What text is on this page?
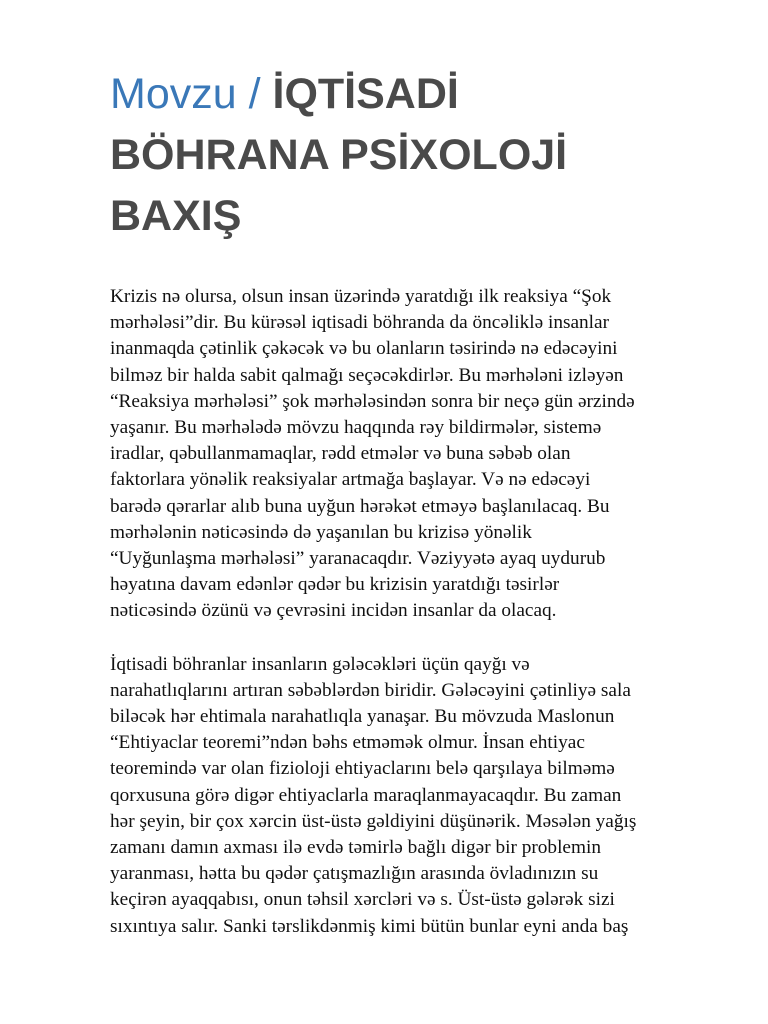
Movzu / İQTİSADİ
BÖHRANA PSİXOLOJİ
BAXIŞ

Krizis nə olursa, olsun insan üzərində yaratdığı ilk reaksiya “Şok
mərhələsi”dir. Bu kürəsəl iqtisadi böhranda da öncəliklə insanlar
inanmaqda çətinlik çəkəcək və bu olanların təsirində nə edəcəyini
bilməz bir halda sabit qalmağı seçəcəkdirlər. Bu mərhələni izləyən
“Reaksiya mərhələsi” şok mərhələsindən sonra bir neçə gün ərzində
yaşanır. Bu mərhələdə mövzu haqqında rəy bildirmələr, sistemə
iradlar, qəbullanmamaqlar, rədd etmələr və buna səbəb olan
faktorlara yönəlik reaksiyalar artmağa başlayar. Və nə edəcəyi
barədə qərarlar alıb buna uyğun hərəkət etməyə başlanılacaq. Bu
mərhələnin nəticəsində də yaşanılan bu krizisə yönəlik
“Uyğunlaşma mərhələsi” yaranacaqdır. Vəziyyətə ayaq uydurub
həyatına davam edənlər qədər bu krizisin yaratdığı təsirlər
nəticəsində özünü və çevrəsini incidən insanlar da olacaq.

İqtisadi böhranlar insanların gələcəkləri üçün qayğı və
narahatlıqlarını artıran səbəblərdən biridir. Gələcəyini çətinliyə sala
biləcək hər ehtimala narahatlıqla yanaşar. Bu mövzuda Maslonun
“Ehtiyaclar teoremi”ndən bəhs etməmək olmur. İnsan ehtiyac
teoremində var olan fizioloji ehtiyaclarını belə qarşılaya bilməmə
qorxusuna görə digər ehtiyaclarla maraqlanmayacaqdır. Bu zaman
hər şeyin, bir çox xərcin üst-üstə gəldiyini düşünərik. Məsələn yağış
zamanı damın axması ilə evdə təmirlə bağlı digər bir problemin
yaranması, hətta bu qədər çatışmazlığın arasında övladınızın su
keçirən ayaqqabısı, onun təhsil xərcləri və s. Üst-üstə gələrək sizi
sıxıntıya salır. Sanki tərslikdənmiş kimi bütün bunlar eyni anda baş
